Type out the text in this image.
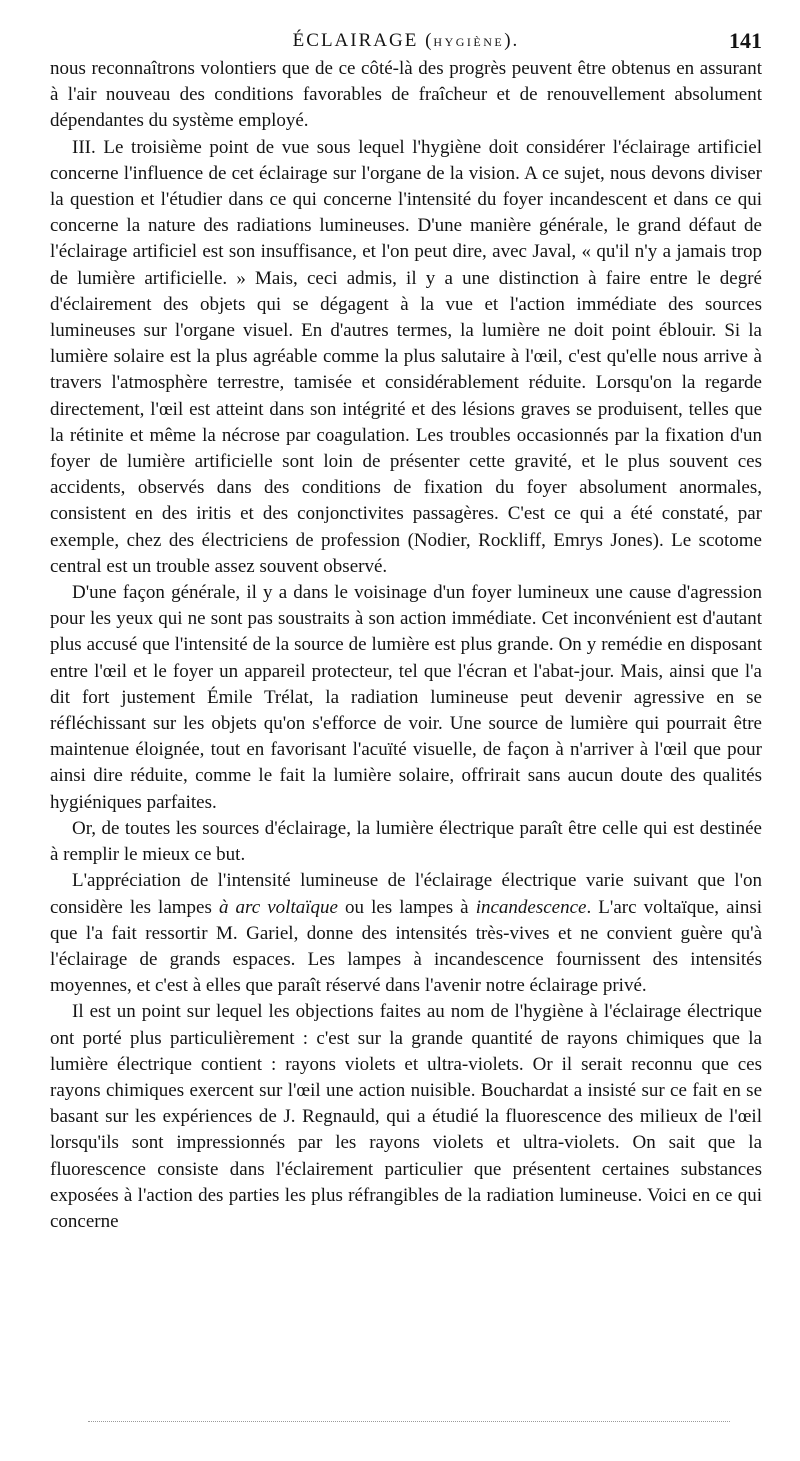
ÉCLAIRAGE (HYGIÈNE).	141

nous reconnaîtrons volontiers que de ce côté-là des progrès peuvent être obtenus en assurant à l'air nouveau des conditions favorables de fraîcheur et de renouvellement absolument dépendantes du système employé.

III. Le troisième point de vue sous lequel l'hygiène doit considérer l'éclairage artificiel concerne l'influence de cet éclairage sur l'organe de la vision. A ce sujet, nous devons diviser la question et l'étudier dans ce qui concerne l'intensité du foyer incandescent et dans ce qui concerne la nature des radiations lumineuses. D'une manière générale, le grand défaut de l'éclairage artificiel est son insuffisance, et l'on peut dire, avec Javal, « qu'il n'y a jamais trop de lumière artificielle. » Mais, ceci admis, il y a une distinction à faire entre le degré d'éclairement des objets qui se dégagent à la vue et l'action immédiate des sources lumineuses sur l'organe visuel. En d'autres termes, la lumière ne doit point éblouir. Si la lumière solaire est la plus agréable comme la plus salutaire à l'œil, c'est qu'elle nous arrive à travers l'atmosphère terrestre, tamisée et considérablement réduite. Lorsqu'on la regarde directement, l'œil est atteint dans son intégrité et des lésions graves se produisent, telles que la rétinite et même la nécrose par coagulation. Les troubles occasionnés par la fixation d'un foyer de lumière artificielle sont loin de présenter cette gravité, et le plus souvent ces accidents, observés dans des conditions de fixation du foyer absolument anormales, consistent en des iritis et des conjonctivites passagères. C'est ce qui a été constaté, par exemple, chez des électriciens de profession (Nodier, Rockliff, Emrys Jones). Le scotome central est un trouble assez souvent observé.

D'une façon générale, il y a dans le voisinage d'un foyer lumineux une cause d'agression pour les yeux qui ne sont pas soustraits à son action immédiate. Cet inconvénient est d'autant plus accusé que l'intensité de la source de lumière est plus grande. On y remédie en disposant entre l'œil et le foyer un appareil protecteur, tel que l'écran et l'abat-jour. Mais, ainsi que l'a dit fort justement Émile Trélat, la radiation lumineuse peut devenir agressive en se réfléchissant sur les objets qu'on s'efforce de voir. Une source de lumière qui pourrait être maintenue éloignée, tout en favorisant l'acuïté visuelle, de façon à n'arriver à l'œil que pour ainsi dire réduite, comme le fait la lumière solaire, offrirait sans aucun doute des qualités hygiéniques parfaites.

Or, de toutes les sources d'éclairage, la lumière électrique paraît être celle qui est destinée à remplir le mieux ce but.

L'appréciation de l'intensité lumineuse de l'éclairage électrique varie suivant que l'on considère les lampes à arc voltaïque ou les lampes à incandescence. L'arc voltaïque, ainsi que l'a fait ressortir M. Gariel, donne des intensités très-vives et ne convient guère qu'à l'éclairage de grands espaces. Les lampes à incandescence fournissent des intensités moyennes, et c'est à elles que paraît réservé dans l'avenir notre éclairage privé.

Il est un point sur lequel les objections faites au nom de l'hygiène à l'éclairage électrique ont porté plus particulièrement : c'est sur la grande quantité de rayons chimiques que la lumière électrique contient : rayons violets et ultra-violets. Or il serait reconnu que ces rayons chimiques exercent sur l'œil une action nuisible. Bouchardat a insisté sur ce fait en se basant sur les expériences de J. Regnauld, qui a étudié la fluorescence des milieux de l'œil lorsqu'ils sont impressionnés par les rayons violets et ultra-violets. On sait que la fluorescence consiste dans l'éclairement particulier que présentent certaines substances exposées à l'action des parties les plus réfrangibles de la radiation lumineuse. Voici en ce qui concerne
